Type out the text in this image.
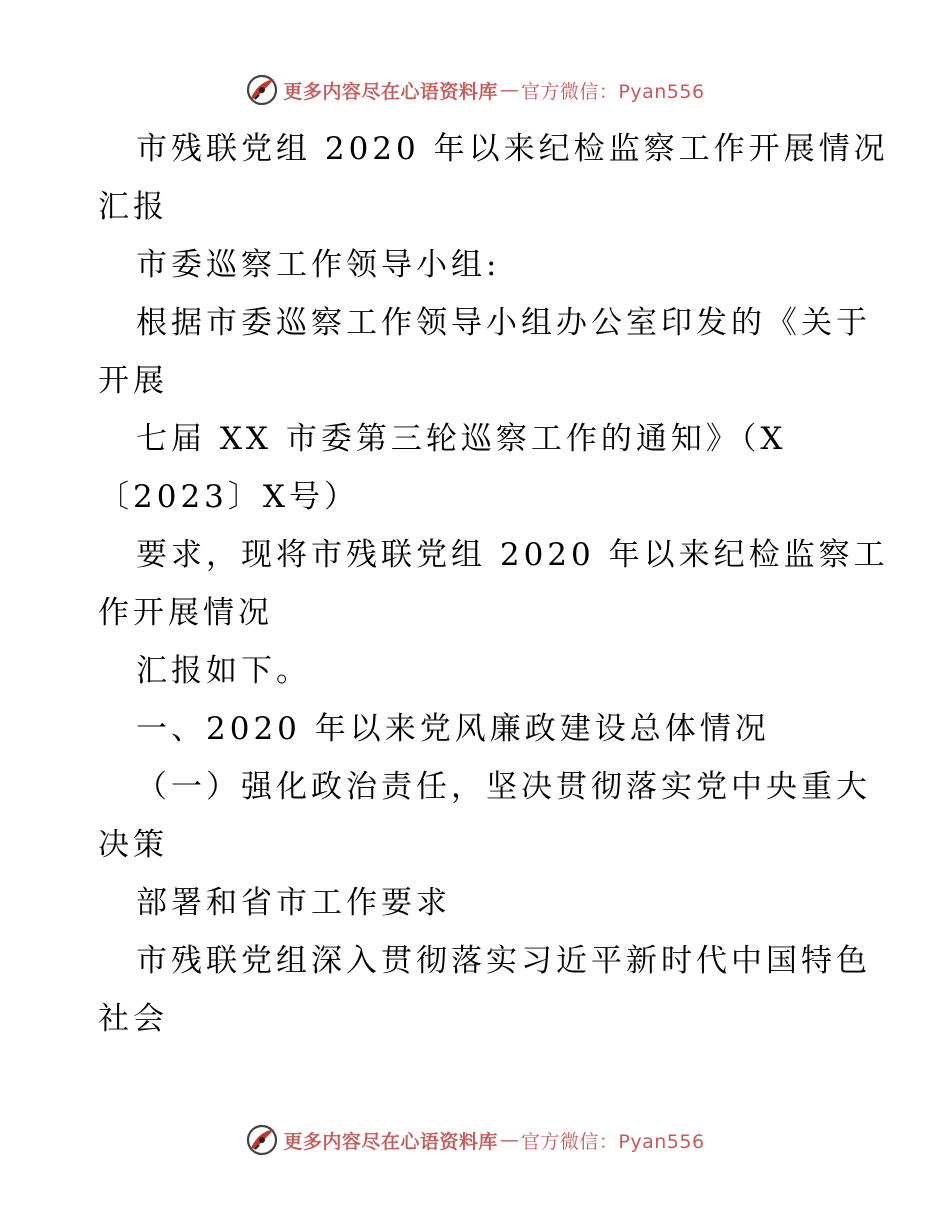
更多内容尽在心语资料库 — 官方微信：Pyan556
市残联党组 2020 年以来纪检监察工作开展情况
汇报
市委巡察工作领导小组:
根据市委巡察工作领导小组办公室印发的《关于
开展
七届 XX 市委第三轮巡察工作的通知》（X
〔2023〕X号）
要求，现将市残联党组 2020 年以来纪检监察工
作开展情况
汇报如下。
一、2020 年以来党风廉政建设总体情况
（一）强化政治责任，坚决贯彻落实党中央重大
决策
部署和省市工作要求
市残联党组深入贯彻落实习近平新时代中国特色
社会
更多内容尽在心语资料库 — 官方微信：Pyan556
